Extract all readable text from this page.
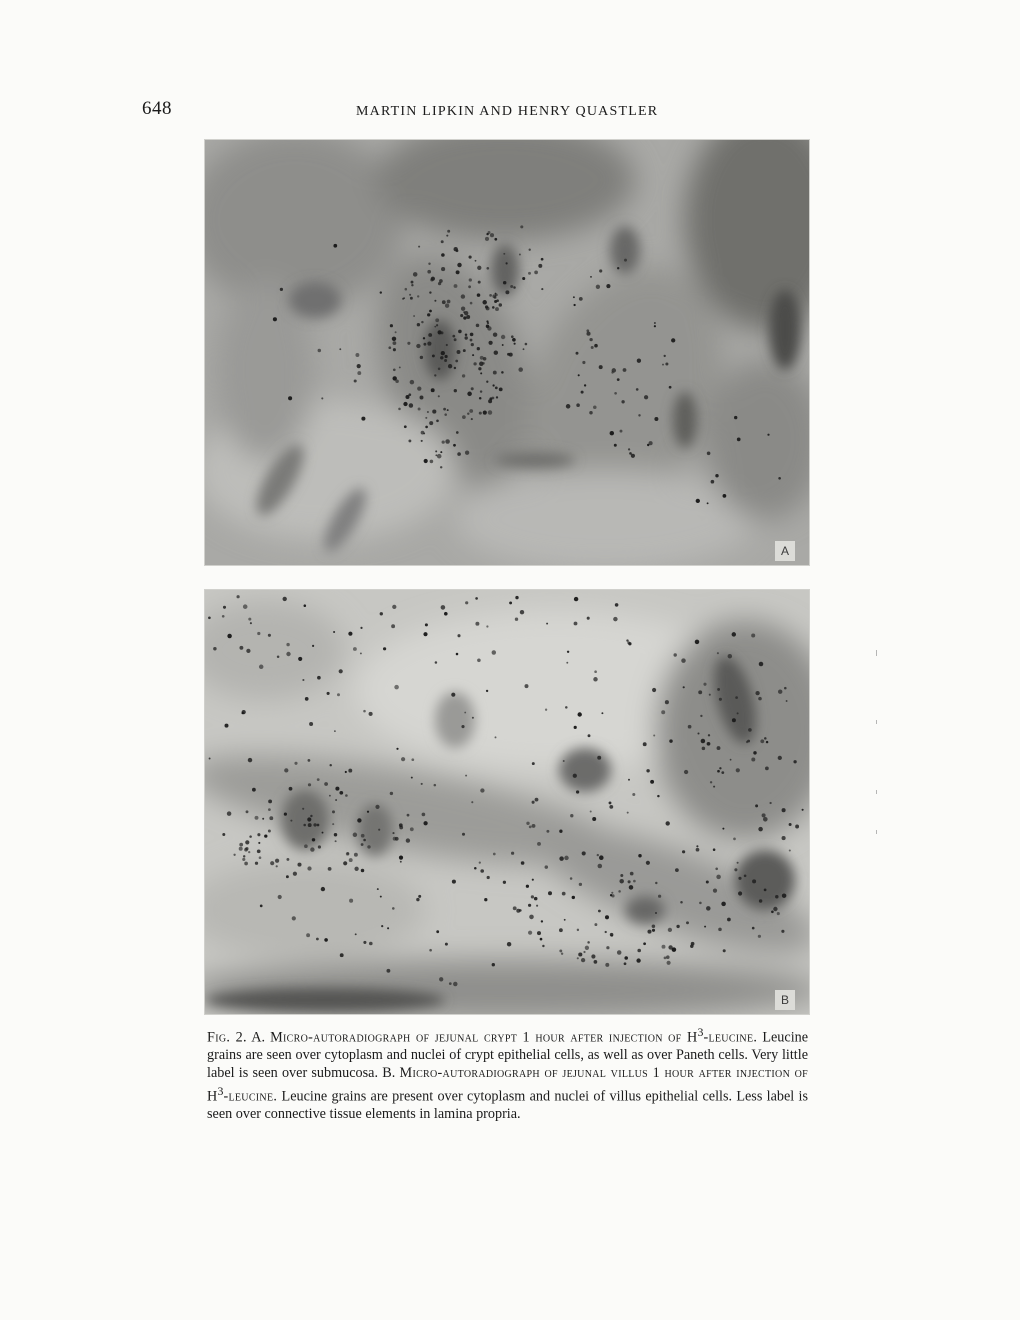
648	MARTIN LIPKIN AND HENRY QUASTLER
A
B
Fig. 2. A. Micro-autoradiograph of jejunal crypt 1 hour after injection of $H^3$-leucine. Leucine grains are seen over cytoplasm and nuclei of crypt epithelial cells, as well as over Paneth cells. Very little label is seen over submucosa. B. Micro-autoradiograph of jejunal villus 1 hour after injection of $H^3$-leucine. Leucine grains are present over cytoplasm and nuclei of villus epithelial cells. Less label is seen over connective tissue elements in lamina propria.
